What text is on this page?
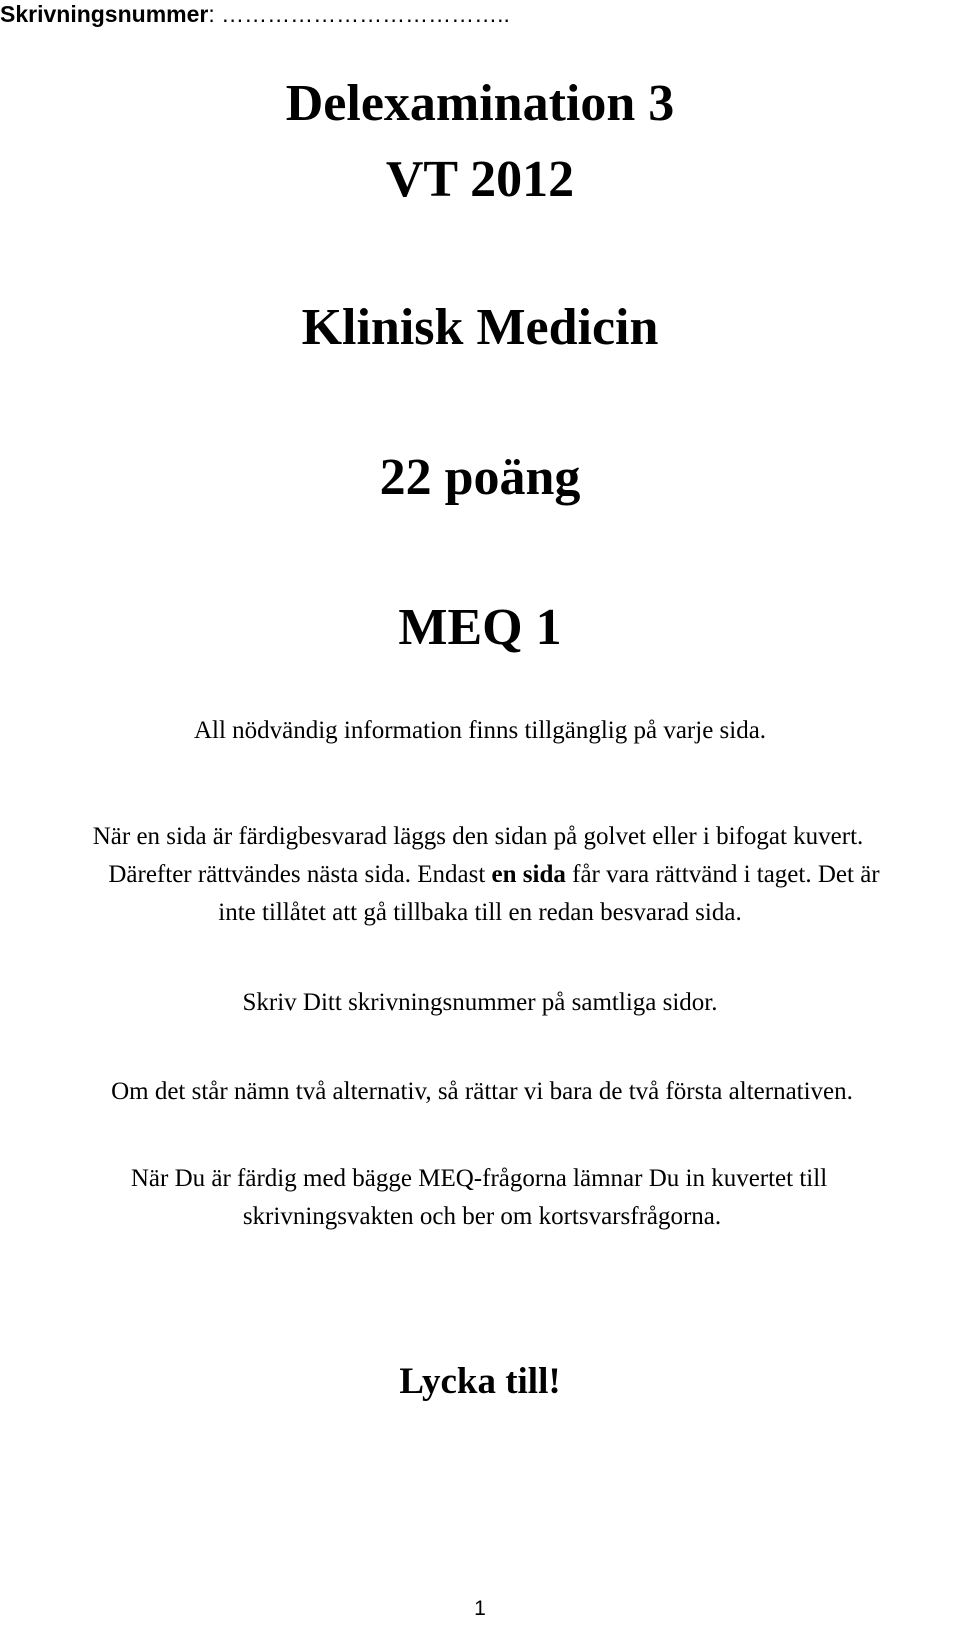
Skrivningsnummer: ………………………………..
Delexamination 3
VT 2012
Klinisk Medicin
22 poäng
MEQ 1
All nödvändig information finns tillgänglig på varje sida.
När en sida är färdigbesvarad läggs den sidan på golvet eller i bifogat kuvert.
Därefter rättvändes nästa sida. Endast en sida får vara rättvänd i taget. Det är
inte tillåtet att gå tillbaka till en redan besvarad sida.
Skriv Ditt skrivningsnummer på samtliga sidor.
Om det står nämn två alternativ, så rättar vi bara de två första alternativen.
När Du är färdig med bägge MEQ-frågorna lämnar Du in kuvertet till
skrivningsvakten och ber om kortsvarsfrågorna.
Lycka till!
1
